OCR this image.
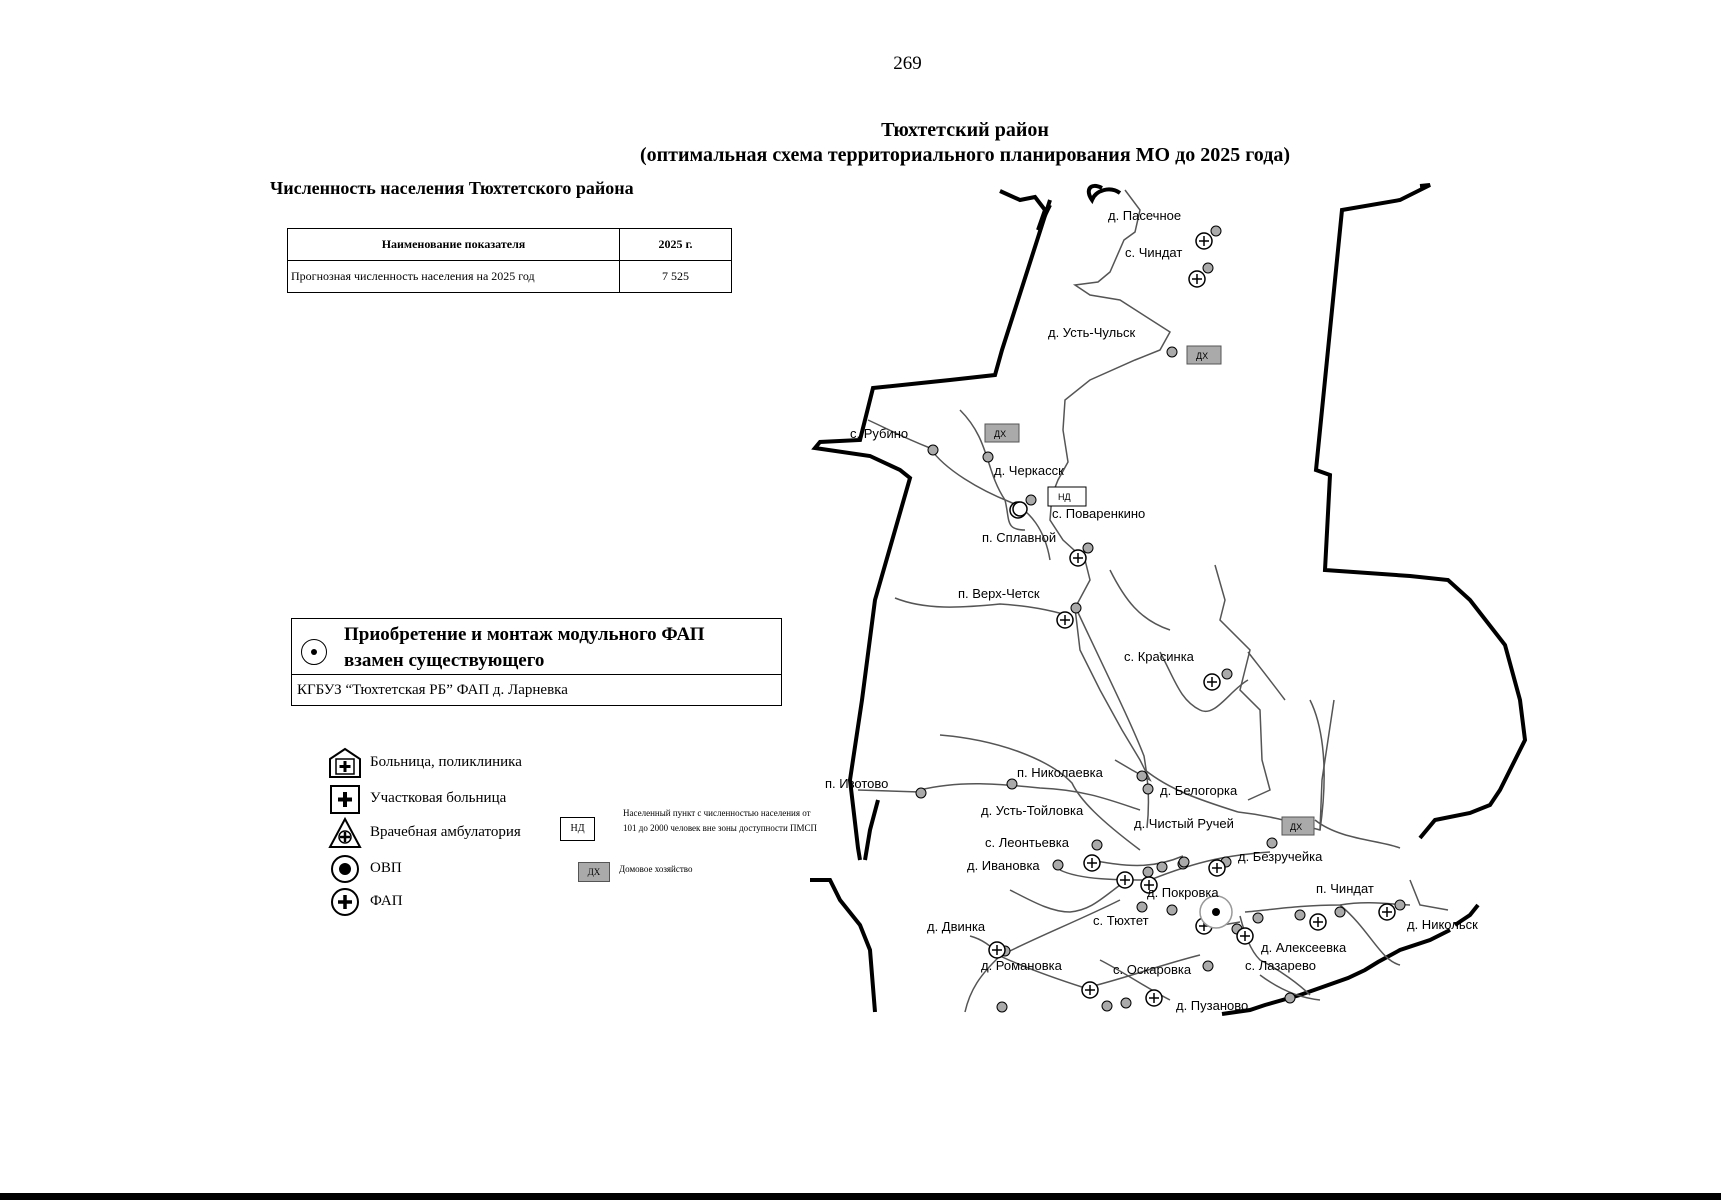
269
Тюхтетский район
(оптимальная схема территориального планирования МО до 2025 года)
Численность населения Тюхтетского района
Наименование показателя	2025 г.
Прогнозная численность населения на 2025 год	7 525
Приобретение и монтаж модульного ФАП
взамен существующего
КГБУЗ “Тюхтетская РБ” ФАП д. Ларневка
Больница, поликлиника
Участковая больница
Врачебная амбулатория
ОВП
ФАП
НД
Населенный пункт с численностью населения от 101 до 2000 человек вне зоны доступности ПМСП
ДХ	Домовое хозяйство
ДХ
ДХ
ДХ
НД
д. Пасечное
с. Чиндат
д. Усть-Чульск
с. Рубино
д. Черкасск
с. Поваренкино
п. Сплавной
п. Верх-Четск
с. Красинка
п. Изотово
п. Николаевка
д. Белогорка
д. Усть-Тойловка
д. Чистый Ручей
с. Леонтьевка
д. Безручейка
д. Ивановка
д. Покровка	п. Чиндат
с. Тюхтет
д. Двинка	д. Никольск
д. Алексеевка
д. Романовка	с. Оскаровка	с. Лазарево
д. Пузаново
